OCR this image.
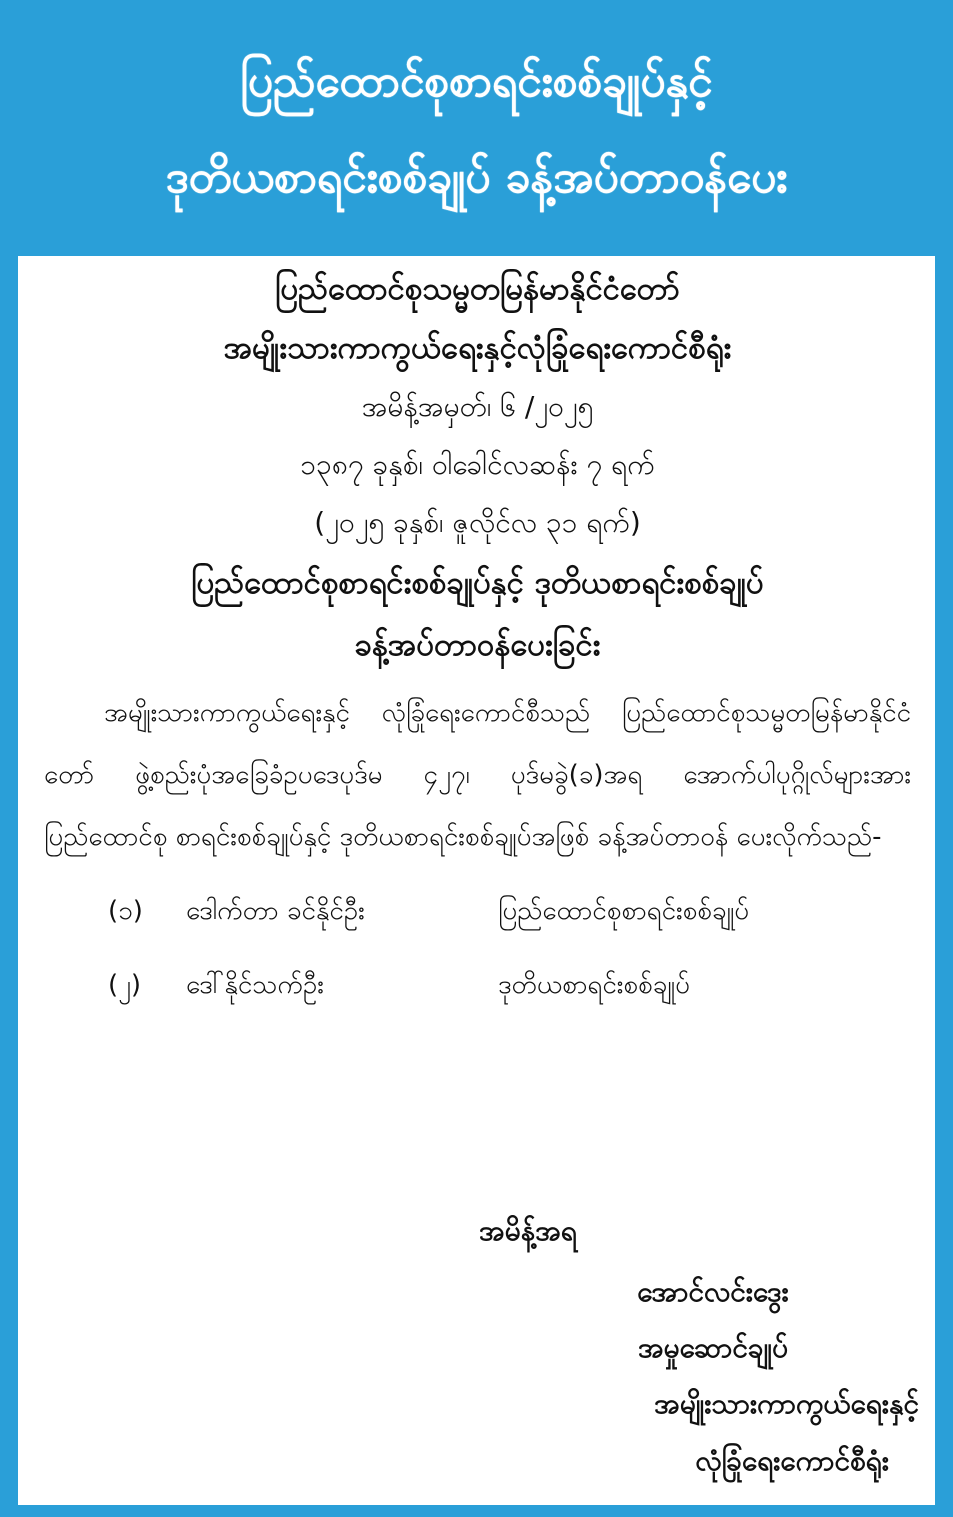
ပြည်ထောင်စုစာရင်းစစ်ချုပ်နှင့်
ဒုတိယစာရင်းစစ်ချုပ် ခန့်အပ်တာဝန်ပေး
ပြည်ထောင်စုသမ္မတမြန်မာနိုင်ငံတော်
အမျိုးသားကာကွယ်ရေးနှင့်လုံခြုံရေးကောင်စီရုံး
အမိန့်အမှတ်၊ ၆ /၂၀၂၅
၁၃၈၇ ခုနှစ်၊ ဝါခေါင်လဆန်း ၇ ရက်
(၂၀၂၅ ခုနှစ်၊ ဇူလိုင်လ ၃၁ ရက်)
ပြည်ထောင်စုစာရင်းစစ်ချုပ်နှင့် ဒုတိယစာရင်းစစ်ချုပ်
ခန့်အပ်တာဝန်ပေးခြင်း
အမျိုးသားကာကွယ်ရေးနှင့် လုံခြုံရေးကောင်စီသည် ပြည်ထောင်စုသမ္မတမြန်မာနိုင်ငံတော် ဖွဲ့စည်းပုံအခြေခံဥပဒေပုဒ်မ ၄၂၇၊ ပုဒ်မခွဲ(ခ)အရ အောက်ပါပုဂ္ဂိုလ်များအား ပြည်ထောင်စု စာရင်းစစ်ချုပ်နှင့် ဒုတိယစာရင်းစစ်ချုပ်အဖြစ် ခန့်အပ်တာဝန် ပေးလိုက်သည်-
(၁)	ဒေါက်တာ ခင်နိုင်ဦး	ပြည်ထောင်စုစာရင်းစစ်ချုပ်
(၂)	ဒေါ်နိုင်သက်ဦး	ဒုတိယစာရင်းစစ်ချုပ်
အမိန့်အရ
အောင်လင်းဒွေး
အမှုဆောင်ချုပ်
အမျိုးသားကာကွယ်ရေးနှင့်
လုံခြုံရေးကောင်စီရုံး
